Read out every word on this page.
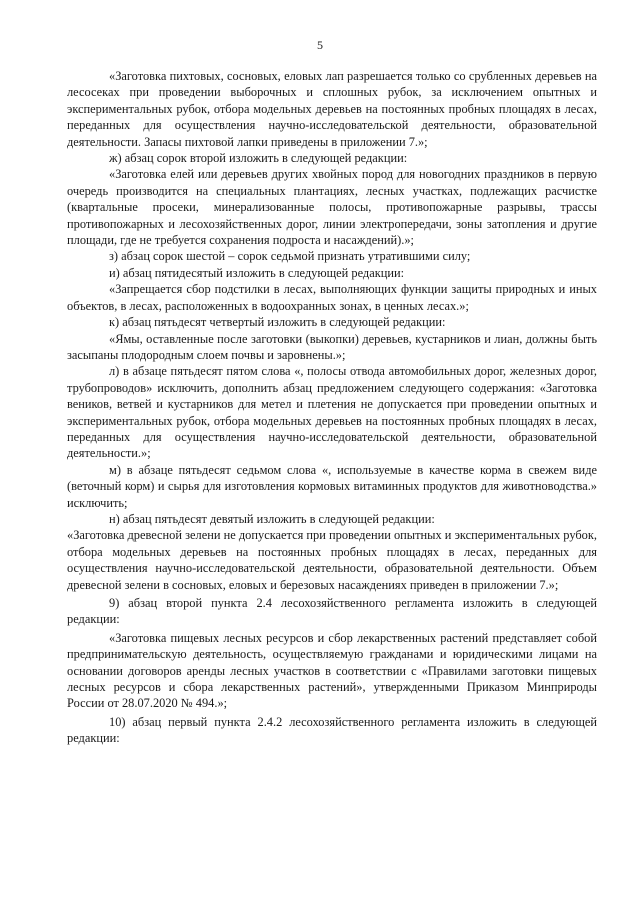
5

«Заготовка пихтовых, сосновых, еловых лап разрешается только со срубленных деревьев на лесосеках при проведении выборочных и сплошных рубок, за исключением опытных и экспериментальных рубок, отбора модельных деревьев на постоянных пробных площадях в лесах, переданных для осуществления научно-исследовательской деятельности, образовательной деятельности. Запасы пихтовой лапки приведены в приложении 7.»;

ж) абзац сорок второй изложить в следующей редакции:

«Заготовка елей или деревьев других хвойных пород для новогодних праздников в первую очередь производится на специальных плантациях, лесных участках, подлежащих расчистке (квартальные просеки, минерализованные полосы, противопожарные разрывы, трассы противопожарных и лесохозяйственных дорог, линии электропередачи, зоны затопления и другие площади, где не требуется сохранения подроста и насаждений).»;

з) абзац сорок шестой – сорок седьмой признать утратившими силу;

и) абзац пятидесятый изложить в следующей редакции:

«Запрещается сбор подстилки в лесах, выполняющих функции защиты природных и иных объектов, в лесах, расположенных в водоохранных зонах, в ценных лесах.»;

к) абзац пятьдесят четвертый изложить в следующей редакции:

«Ямы, оставленные после заготовки (выкопки) деревьев, кустарников и лиан, должны быть засыпаны плодородным слоем почвы и заровнены.»;

л) в абзаце пятьдесят пятом слова «, полосы отвода автомобильных дорог, железных дорог, трубопроводов» исключить, дополнить абзац предложением следующего содержания: «Заготовка веников, ветвей и кустарников для метел и плетения не допускается при проведении опытных и экспериментальных рубок, отбора модельных деревьев на постоянных пробных площадях в лесах, переданных для осуществления научно-исследовательской деятельности, образовательной деятельности.»;

м) в абзаце пятьдесят седьмом слова «, используемые в качестве корма в свежем виде (веточный корм) и сырья для изготовления кормовых витаминных продуктов для животноводства.» исключить;

н) абзац пятьдесят девятый изложить в следующей редакции:

«Заготовка древесной зелени не допускается при проведении опытных и экспериментальных рубок, отбора модельных деревьев на постоянных пробных площадях в лесах, переданных для осуществления научно-исследовательской деятельности, образовательной деятельности. Объем древесной зелени в сосновых, еловых и березовых насаждениях приведен в приложении 7.»;

9) абзац второй пункта 2.4 лесохозяйственного регламента изложить в следующей редакции:

«Заготовка пищевых лесных ресурсов и сбор лекарственных растений представляет собой предпринимательскую деятельность, осуществляемую гражданами и юридическими лицами на основании договоров аренды лесных участков в соответствии с «Правилами заготовки пищевых лесных ресурсов и сбора лекарственных растений», утвержденными Приказом Минприроды России от 28.07.2020 № 494.»;

10) абзац первый пункта 2.4.2 лесохозяйственного регламента изложить в следующей редакции:
